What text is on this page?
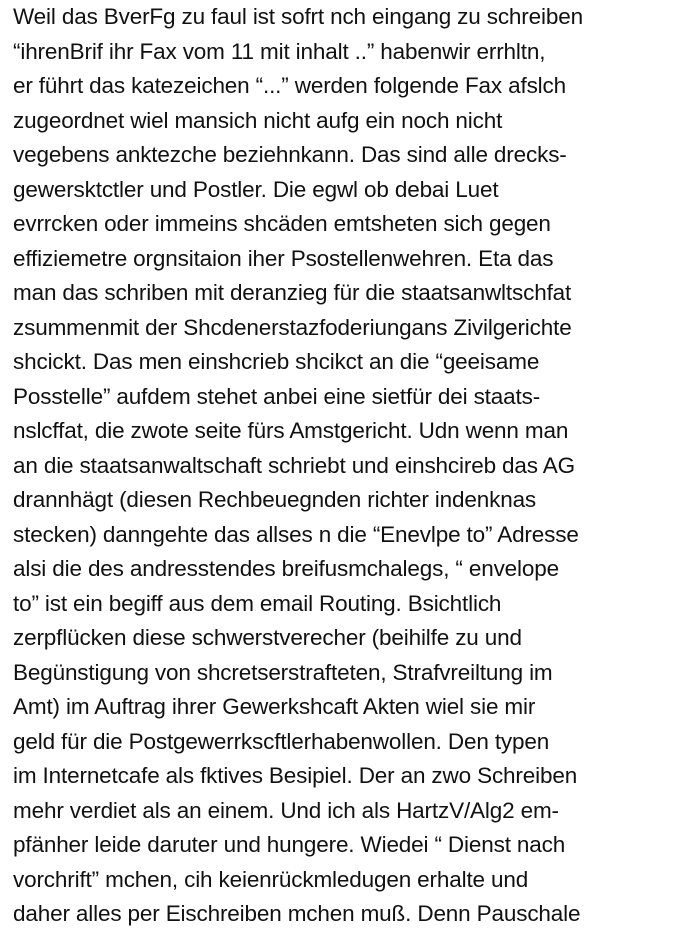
Weil das BverFg zu faul ist sofrt nch eingang zu schreiben
“ihrenBrif ihr Fax vom 11 mit inhalt ..” habenwir errhltn,
er führt das katezeichen “...” werden folgende Fax afslch
zugeordnet wiel mansich nicht aufg ein noch nicht
vegebens anktezche beziehnkann. Das sind alle drecks-
gewersktctler und Postler. Die egwl ob debai Luet
evrrcken oder immeins shcäden emtsheten sich gegen
effiziemetre orgnsitaion iher Psostellenwehren. Eta das
man das schriben mit deranzieg für die staatsanwltschfat
zsummenmit der Shcdenerstazfoderiungans Zivilgerichte
shcickt. Das men einshcrieb shcikct an die “geeisame
Posstelle” aufdem stehet anbei eine sietfür dei staats-
nslcffat, die zwote seite fürs Amstgericht. Udn wenn man
an die staatsanwaltschaft schriebt und einshcireb das AG
drannhägt (diesen Rechbeuegnden richter indenknas
stecken) danngehte das allses n die “Enevlpe to” Adresse
alsi die des andresstendes breifusmchalegs, “ envelope
to” ist ein begiff aus dem email Routing. Bsichtlich
zerpflücken diese schwerstverecher (beihilfe zu und
Begünstigung von shcretserstrafteten, Strafvreiltung im
Amt) im Auftrag ihrer Gewerkshcaft Akten wiel sie mir
geld für die Postgewerrkscftlerhabenwollen. Den typen
im Internetcafe als fktives Besipiel. Der an zwo Schreiben
mehr verdiet als an einem. Und ich als HartzV/Alg2 em-
pfänher leide daruter und hungere. Wiedei “ Dienst nach
vorchrift” mchen, cih keienrückmledugen erhalte und
daher alles per Eischreiben mchen muß. Denn Pauschale
